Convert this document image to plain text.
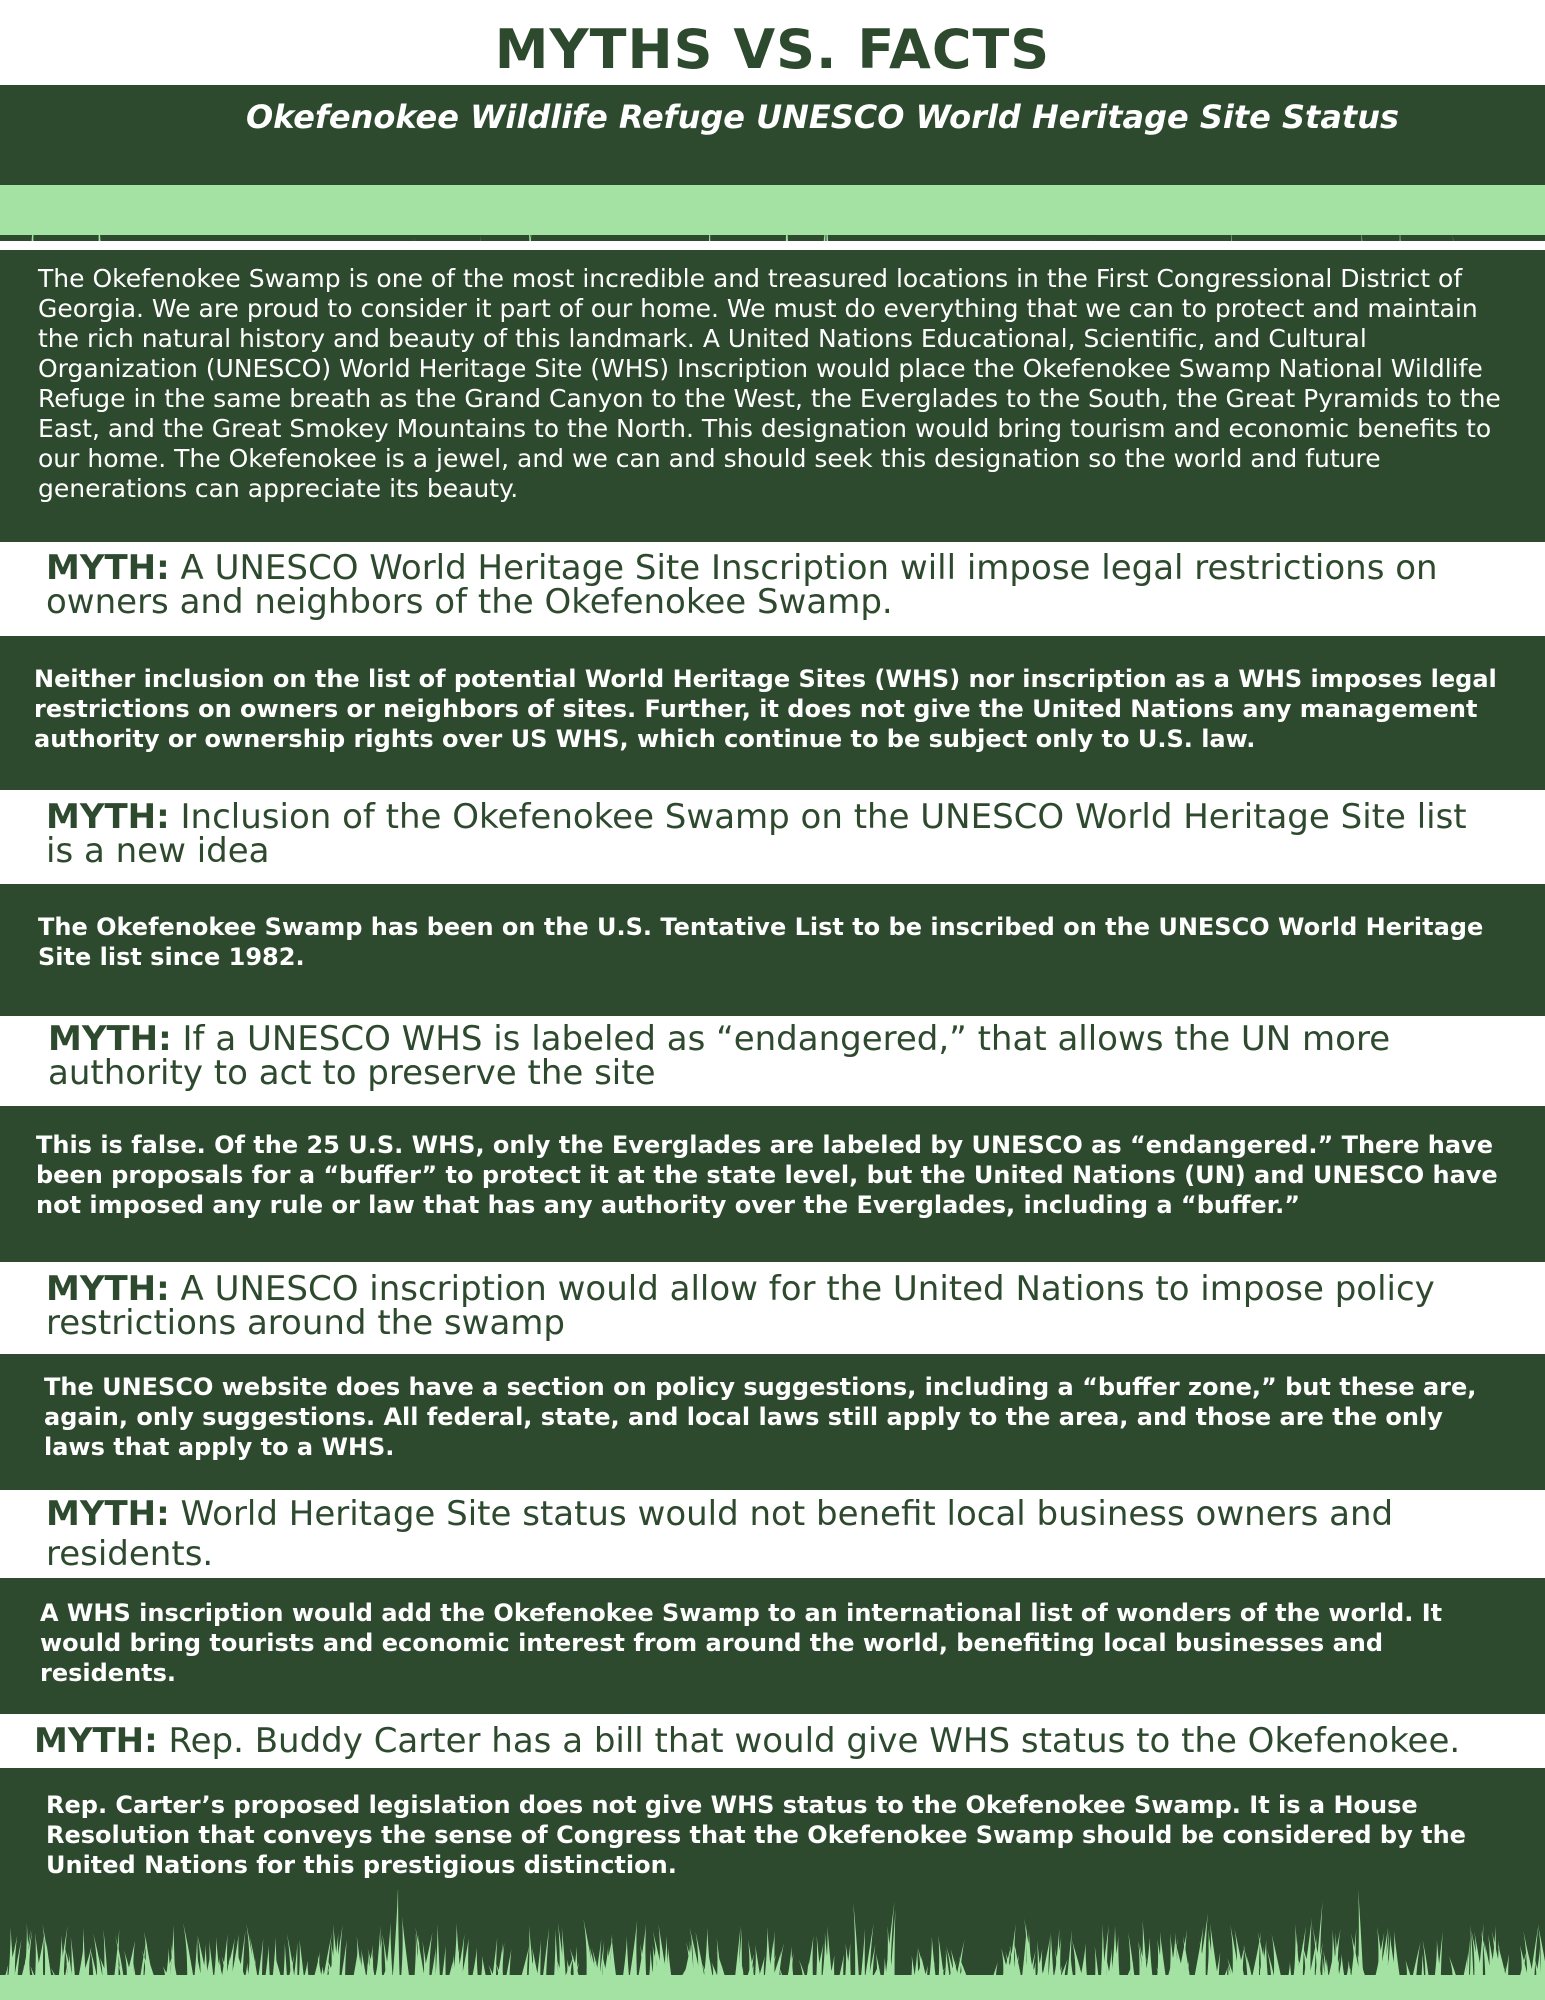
MYTHS VS. FACTS
Okefenokee Wildlife Refuge UNESCO World Heritage Site Status
The Okefenokee Swamp is one of the most incredible and treasured locations in the First Congressional District of Georgia. We are proud to consider it part of our home. We must do everything that we can to protect and maintain the rich natural history and beauty of this landmark. A United Nations Educational, Scientific, and Cultural Organization (UNESCO) World Heritage Site (WHS) Inscription would place the Okefenokee Swamp National Wildlife Refuge in the same breath as the Grand Canyon to the West, the Everglades to the South, the Great Pyramids to the East, and the Great Smokey Mountains to the North. This designation would bring tourism and economic benefits to our home. The Okefenokee is a jewel, and we can and should seek this designation so the world and future generations can appreciate its beauty.
MYTH: A UNESCO World Heritage Site Inscription will impose legal restrictions on owners and neighbors of the Okefenokee Swamp.
Neither inclusion on the list of potential World Heritage Sites (WHS) nor inscription as a WHS imposes legal restrictions on owners or neighbors of sites. Further, it does not give the United Nations any management authority or ownership rights over US WHS, which continue to be subject only to U.S. law.
MYTH: Inclusion of the Okefenokee Swamp on the UNESCO World Heritage Site list is a new idea
The Okefenokee Swamp has been on the U.S. Tentative List to be inscribed on the UNESCO World Heritage Site list since 1982.
MYTH: If a UNESCO WHS is labeled as “endangered,” that allows the UN more authority to act to preserve the site
This is false. Of the 25 U.S. WHS, only the Everglades are labeled by UNESCO as “endangered.” There have been proposals for a “buffer” to protect it at the state level, but the United Nations (UN) and UNESCO have not imposed any rule or law that has any authority over the Everglades, including a “buffer.”
MYTH: A UNESCO inscription would allow for the United Nations to impose policy restrictions around the swamp
The UNESCO website does have a section on policy suggestions, including a “buffer zone,” but these are, again, only suggestions. All federal, state, and local laws still apply to the area, and those are the only laws that apply to a WHS.
MYTH: World Heritage Site status would not benefit local business owners and residents.
A WHS inscription would add the Okefenokee Swamp to an international list of wonders of the world. It would bring tourists and economic interest from around the world, benefiting local businesses and residents.
MYTH: Rep. Buddy Carter has a bill that would give WHS status to the Okefenokee.
Rep. Carter’s proposed legislation does not give WHS status to the Okefenokee Swamp. It is a House Resolution that conveys the sense of Congress that the Okefenokee Swamp should be considered by the United Nations for this prestigious distinction.
